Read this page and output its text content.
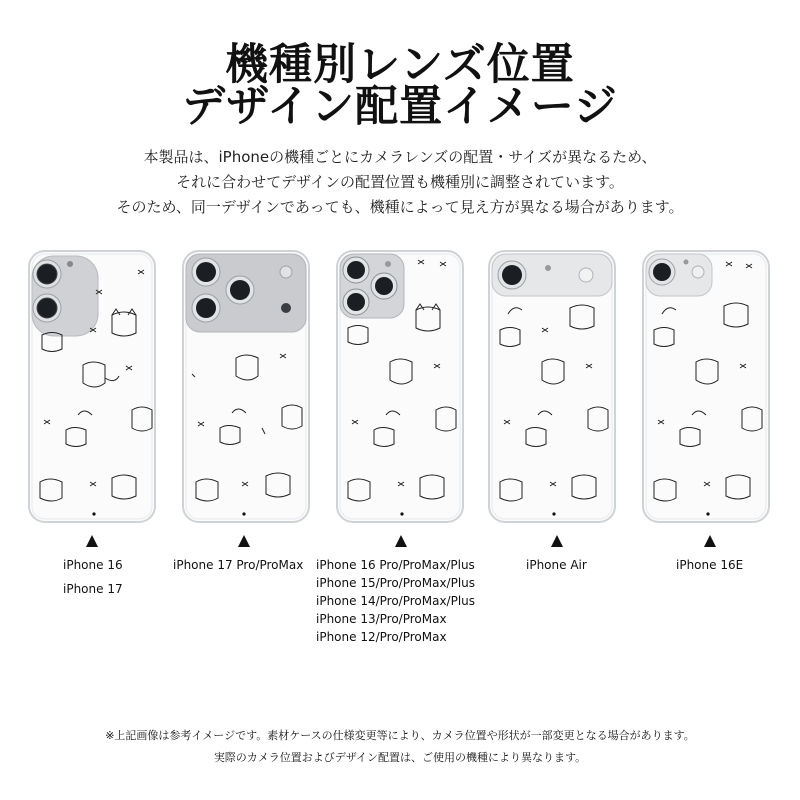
機種別レンズ位置
デザイン配置イメージ
本製品は、iPhoneの機種ごとにカメラレンズの配置・サイズが異なるため、
それに合わせてデザインの配置位置も機種別に調整されています。
そのため、同一デザインであっても、機種によって見え方が異なる場合があります。
iPhone 16
iPhone 17
iPhone 17 Pro/ProMax iPhone 16 Pro/ProMax/Plus
iPhone 15/Pro/ProMax/Plus
iPhone 14/Pro/ProMax/Plus
iPhone 13/Pro/ProMax
iPhone 12/Pro/ProMax
iPhone Air	iPhone 16E
※上記画像は参考イメージです。素材ケースの仕様変更等により、カメラ位置や形状が一部変更となる場合があります。
実際のカメラ位置およびデザイン配置は、ご使用の機種により異なります。
